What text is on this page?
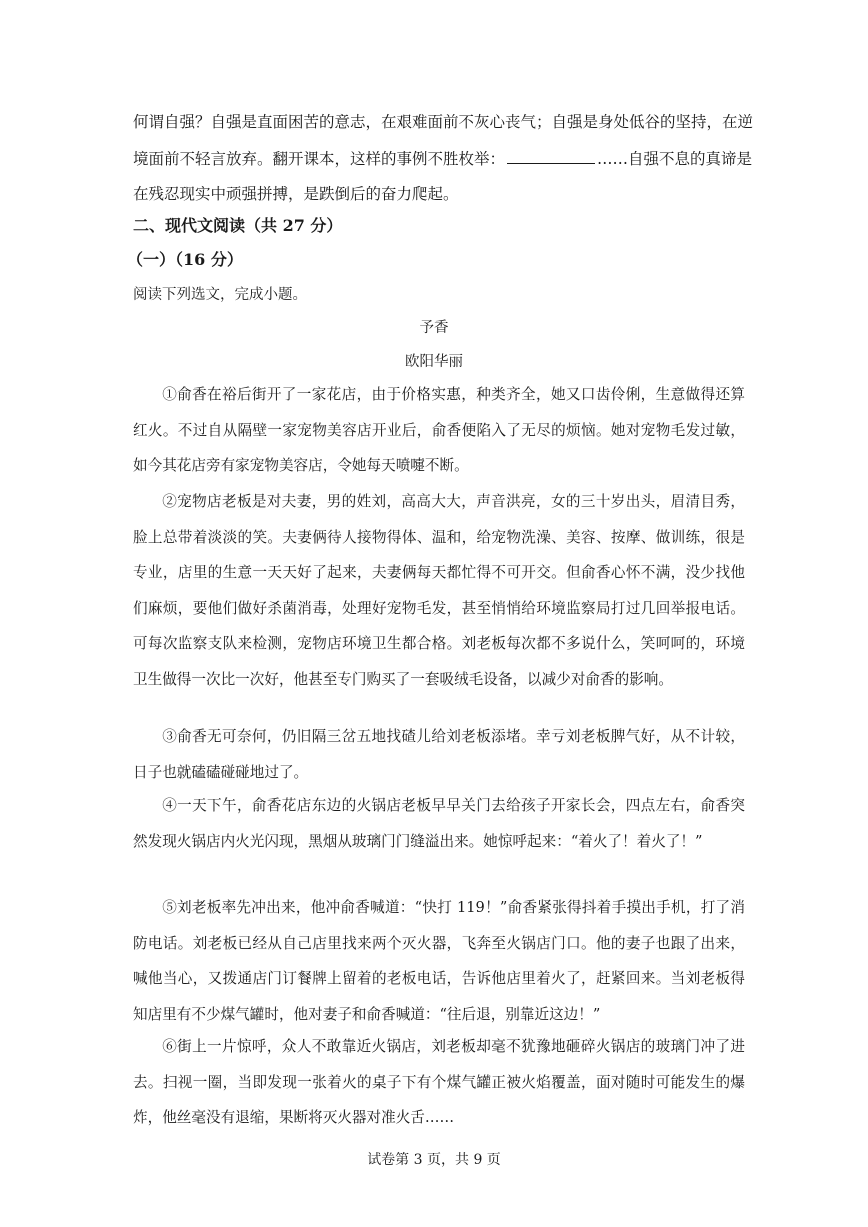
何谓自强？自强是直面困苦的意志，在艰难面前不灰心丧气；自强是身处低谷的坚持，在逆
境面前不轻言放弃。翻开课本，这样的事例不胜枚举：	……自强不息的真谛是
在残忍现实中顽强拼搏，是跌倒后的奋力爬起。
二、现代文阅读（共 27 分）
（一）（16 分）
阅读下列选文，完成小题。
予香
欧阳华丽

①俞香在裕后街开了一家花店，由于价格实惠，种类齐全，她又口齿伶俐，生意做得还算红火。不过自从隔壁一家宠物美容店开业后，俞香便陷入了无尽的烦恼。她对宠物毛发过敏，如今其花店旁有家宠物美容店，令她每天喷嚏不断。

②宠物店老板是对夫妻，男的姓刘，高高大大，声音洪亮，女的三十岁出头，眉清目秀，脸上总带着淡淡的笑。夫妻俩待人接物得体、温和，给宠物洗澡、美容、按摩、做训练，很是专业，店里的生意一天天好了起来，夫妻俩每天都忙得不可开交。但俞香心怀不满，没少找他们麻烦，要他们做好杀菌消毒，处理好宠物毛发，甚至悄悄给环境监察局打过几回举报电话。可每次监察支队来检测，宠物店环境卫生都合格。刘老板每次都不多说什么，笑呵呵的，环境卫生做得一次比一次好，他甚至专门购买了一套吸绒毛设备，以减少对俞香的影响。

③俞香无可奈何，仍旧隔三岔五地找碴儿给刘老板添堵。幸亏刘老板脾气好，从不计较，日子也就磕磕碰碰地过了。

④一天下午，俞香花店东边的火锅店老板早早关门去给孩子开家长会，四点左右，俞香突然发现火锅店内火光闪现，黑烟从玻璃门门缝溢出来。她惊呼起来：“着火了！着火了！”

⑤刘老板率先冲出来，他冲俞香喊道：“快打 119！”俞香紧张得抖着手摸出手机，打了消防电话。刘老板已经从自己店里找来两个灭火器，飞奔至火锅店门口。他的妻子也跟了出来，喊他当心，又拨通店门订餐牌上留着的老板电话，告诉他店里着火了，赶紧回来。当刘老板得知店里有不少煤气罐时，他对妻子和俞香喊道：“往后退，别靠近这边！”

⑥街上一片惊呼，众人不敢靠近火锅店，刘老板却毫不犹豫地砸碎火锅店的玻璃门冲了进去。扫视一圈，当即发现一张着火的桌子下有个煤气罐正被火焰覆盖，面对随时可能发生的爆炸，他丝毫没有退缩，果断将灭火器对准火舌……

试卷第 3 页，共 9 页
